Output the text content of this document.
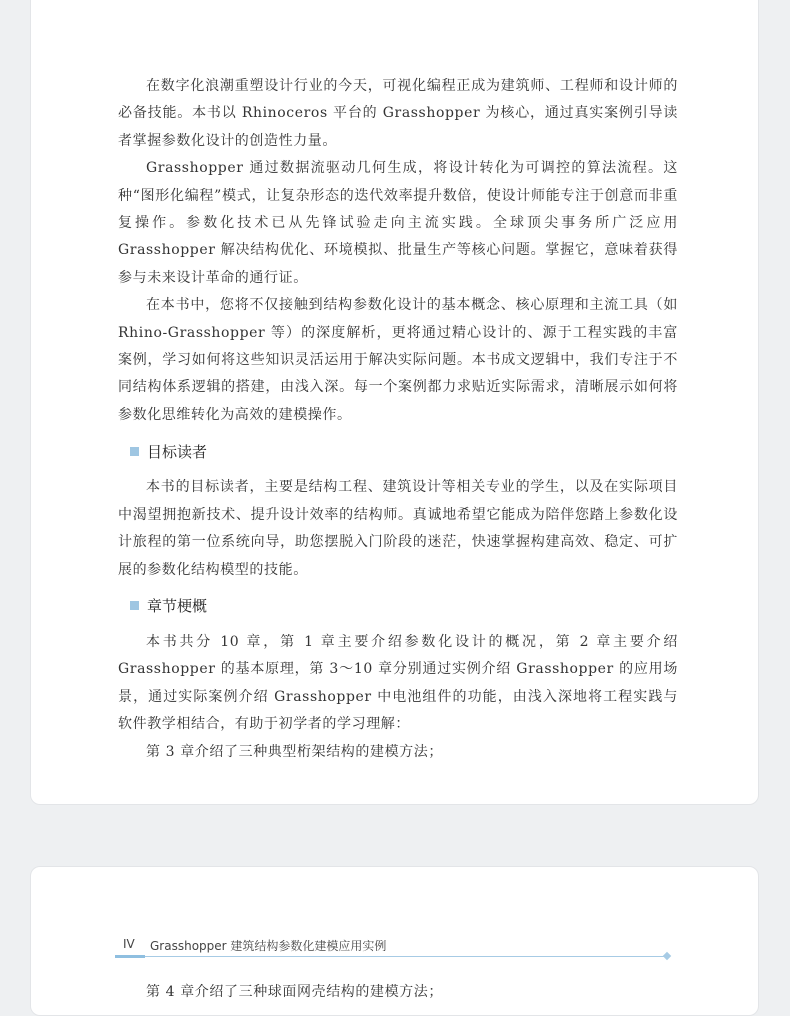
在数字化浪潮重塑设计行业的今天，可视化编程正成为建筑师、工程师和设计师的必备技能。本书以 Rhinoceros 平台的 Grasshopper 为核心，通过真实案例引导读者掌握参数化设计的创造性力量。

Grasshopper 通过数据流驱动几何生成，将设计转化为可调控的算法流程。这种“图形化编程”模式，让复杂形态的迭代效率提升数倍，使设计师能专注于创意而非重复操作。参数化技术已从先锋试验走向主流实践。全球顶尖事务所广泛应用 Grasshopper 解决结构优化、环境模拟、批量生产等核心问题。掌握它，意味着获得参与未来设计革命的通行证。

在本书中，您将不仅接触到结构参数化设计的基本概念、核心原理和主流工具（如 Rhino-Grasshopper 等）的深度解析，更将通过精心设计的、源于工程实践的丰富案例，学习如何将这些知识灵活运用于解决实际问题。本书成文逻辑中，我们专注于不同结构体系逻辑的搭建，由浅入深。每一个案例都力求贴近实际需求，清晰展示如何将参数化思维转化为高效的建模操作。

目标读者

本书的目标读者，主要是结构工程、建筑设计等相关专业的学生，以及在实际项目中渴望拥抱新技术、提升设计效率的结构师。真诚地希望它能成为陪伴您踏上参数化设计旅程的第一位系统向导，助您摆脱入门阶段的迷茫，快速掌握构建高效、稳定、可扩展的参数化结构模型的技能。

章节梗概

本书共分 10 章，第 1 章主要介绍参数化设计的概况，第 2 章主要介绍 Grasshopper 的基本原理，第 3～10 章分别通过实例介绍 Grasshopper 的应用场景，通过实际案例介绍 Grasshopper 中电池组件的功能，由浅入深地将工程实践与软件教学相结合，有助于初学者的学习理解：

第 3 章介绍了三种典型桁架结构的建模方法；

IV Grasshopper 建筑结构参数化建模应用实例

第 4 章介绍了三种球面网壳结构的建模方法；
